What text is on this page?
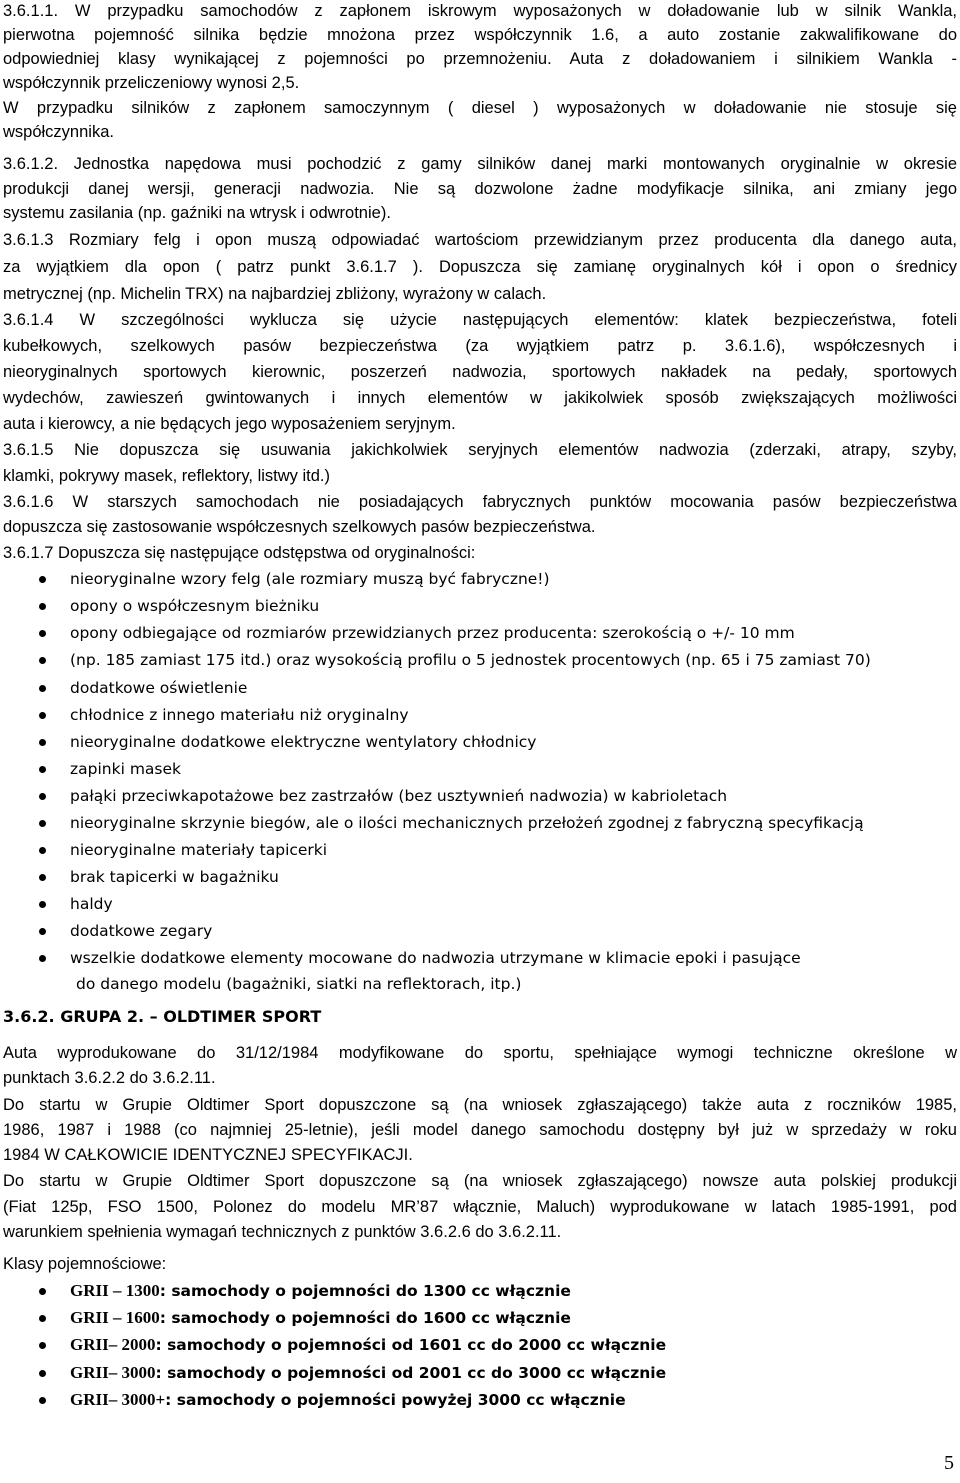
3.6.1.1. W przypadku samochodów z zapłonem iskrowym wyposażonych w doładowanie lub w silnik Wankla,
pierwotna pojemność silnika będzie mnożona przez współczynnik 1.6, a auto zostanie zakwalifikowane do
odpowiedniej klasy wynikającej z pojemności po przemnożeniu. Auta z doładowaniem i silnikiem Wankla -
współczynnik przeliczeniowy wynosi 2,5.
W przypadku silników z zapłonem samoczynnym ( diesel ) wyposażonych w doładowanie nie stosuje się
współczynnika.
3.6.1.2. Jednostka napędowa musi pochodzić z gamy silników danej marki montowanych oryginalnie w okresie
produkcji danej wersji, generacji nadwozia. Nie są dozwolone żadne modyfikacje silnika, ani zmiany jego
systemu zasilania (np. gaźniki na wtrysk i odwrotnie).
3.6.1.3 Rozmiary felg i opon muszą odpowiadać wartościom przewidzianym przez producenta dla danego auta,
za wyjątkiem dla opon ( patrz punkt 3.6.1.7 ). Dopuszcza się zamianę oryginalnych kół i opon o średnicy
metrycznej (np. Michelin TRX) na najbardziej zbliżony, wyrażony w calach.
3.6.1.4 W szczególności wyklucza się użycie następujących elementów: klatek bezpieczeństwa, foteli
kubełkowych, szelkowych pasów bezpieczeństwa (za wyjątkiem patrz p. 3.6.1.6), współczesnych i
nieoryginalnych sportowych kierownic, poszerzeń nadwozia, sportowych nakładek na pedały, sportowych
wydechów, zawieszeń gwintowanych i innych elementów w jakikolwiek sposób zwiększających możliwości
auta i kierowcy, a nie będących jego wyposażeniem seryjnym.
3.6.1.5 Nie dopuszcza się usuwania jakichkolwiek seryjnych elementów nadwozia (zderzaki, atrapy, szyby,
klamki, pokrywy masek, reflektory, listwy itd.)
3.6.1.6 W starszych samochodach nie posiadających fabrycznych punktów mocowania pasów bezpieczeństwa
dopuszcza się zastosowanie współczesnych szelkowych pasów bezpieczeństwa.
3.6.1.7 Dopuszcza się następujące odstępstwa od oryginalności:
nieoryginalne wzory felg (ale rozmiary muszą być fabryczne!)
opony o współczesnym bieżniku
opony odbiegające od rozmiarów przewidzianych przez producenta: szerokością o +/- 10 mm
(np. 185 zamiast 175 itd.) oraz wysokością profilu o 5 jednostek procentowych (np. 65 i 75 zamiast 70)
dodatkowe oświetlenie
chłodnice z innego materiału niż oryginalny
nieoryginalne dodatkowe elektryczne wentylatory chłodnicy
zapinki masek
pałąki przeciwkapotażowe bez zastrzałów (bez usztywnień nadwozia) w kabrioletach
nieoryginalne skrzynie biegów, ale o ilości mechanicznych przełożeń zgodnej z fabryczną specyfikacją
nieoryginalne materiały tapicerki
brak tapicerki w bagażniku
haldy
dodatkowe zegary
wszelkie dodatkowe elementy mocowane do nadwozia utrzymane w klimacie epoki i pasujące
do danego modelu (bagażniki, siatki na reflektorach, itp.)
3.6.2. GRUPA 2. – OLDTIMER SPORT
Auta wyprodukowane do 31/12/1984 modyfikowane do sportu, spełniające wymogi techniczne określone w
punktach 3.6.2.2 do 3.6.2.11.
Do startu w Grupie Oldtimer Sport dopuszczone są (na wniosek zgłaszającego) także auta z roczników 1985,
1986, 1987 i 1988 (co najmniej 25-letnie), jeśli model danego samochodu dostępny był już w sprzedaży w roku
1984 W CAŁKOWICIE IDENTYCZNEJ SPECYFIKACJI.
Do startu w Grupie Oldtimer Sport dopuszczone są (na wniosek zgłaszającego) nowsze auta polskiej produkcji
(Fiat 125p, FSO 1500, Polonez do modelu MR’87 włącznie, Maluch) wyprodukowane w latach 1985-1991, pod
warunkiem spełnienia wymagań technicznych z punktów 3.6.2.6 do 3.6.2.11.
Klasy pojemnościowe:
GRII – 1300: samochody o pojemności do 1300 cc włącznie
GRII – 1600: samochody o pojemności do 1600 cc włącznie
GRII– 2000: samochody o pojemności od 1601 cc do 2000 cc włącznie
GRII– 3000: samochody o pojemności od 2001 cc do 3000 cc włącznie
GRII– 3000+: samochody o pojemności powyżej 3000 cc włącznie
5
